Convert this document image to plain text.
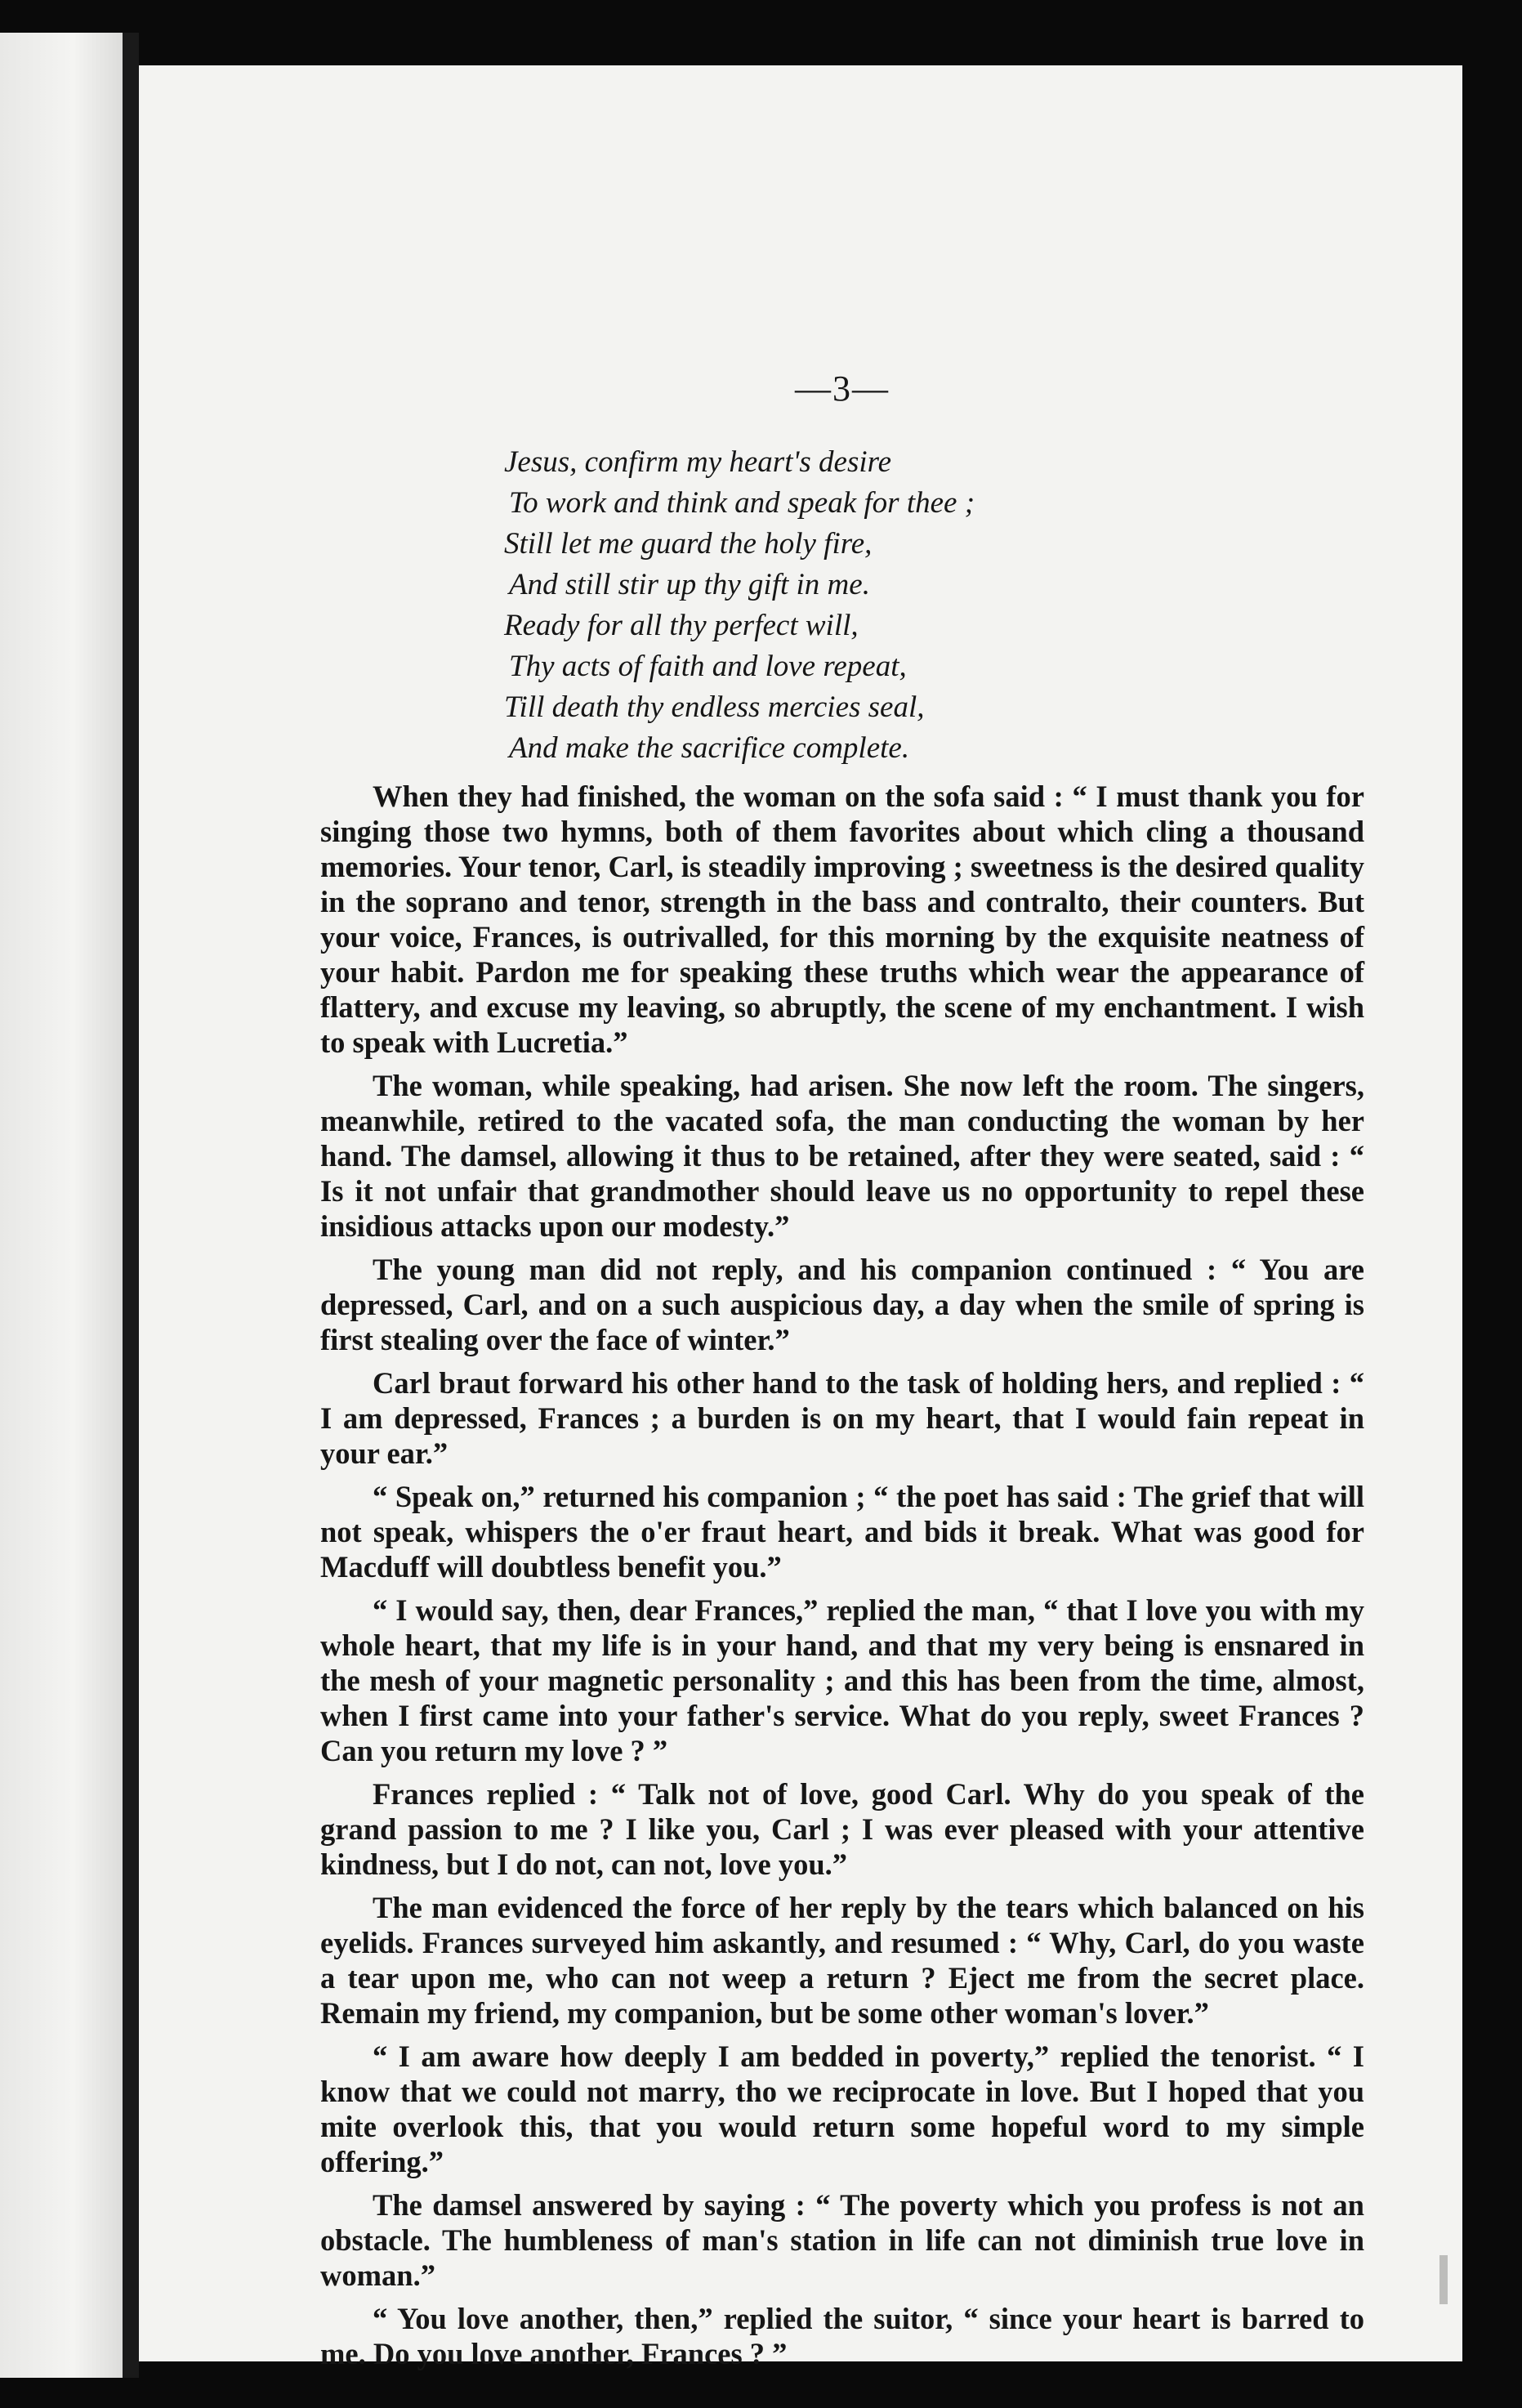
—3—
Jesus, confirm my heart's desire
To work and think and speak for thee ;
Still let me guard the holy fire,
And still stir up thy gift in me.
Ready for all thy perfect will,
Thy acts of faith and love repeat,
Till death thy endless mercies seal,
And make the sacrifice complete.

When they had finished, the woman on the sofa said : “ I must thank you for singing those two hymns, both of them favorites about which cling a thousand memories. Your tenor, Carl, is steadily improving ; sweetness is the desired quality in the soprano and tenor, strength in the bass and contralto, their counters. But your voice, Frances, is outrivalled, for this morning by the exquisite neatness of your habit. Pardon me for speaking these truths which wear the appearance of flattery, and excuse my leaving, so abruptly, the scene of my enchantment. I wish to speak with Lucretia.”

The woman, while speaking, had arisen. She now left the room. The singers, meanwhile, retired to the vacated sofa, the man conducting the woman by her hand. The damsel, allowing it thus to be retained, after they were seated, said : “ Is it not unfair that grandmother should leave us no opportunity to repel these insidious attacks upon our modesty.”

The young man did not reply, and his companion continued : “ You are depressed, Carl, and on a such auspicious day, a day when the smile of spring is first stealing over the face of winter.”

Carl braut forward his other hand to the task of holding hers, and replied : “ I am depressed, Frances ; a burden is on my heart, that I would fain repeat in your ear.”

“ Speak on,” returned his companion ; “ the poet has said : The grief that will not speak, whispers the o'er fraut heart, and bids it break. What was good for Macduff will doubtless benefit you.”

“ I would say, then, dear Frances,” replied the man, “ that I love you with my whole heart, that my life is in your hand, and that my very being is ensnared in the mesh of your magnetic personality ; and this has been from the time, almost, when I first came into your father's service. What do you reply, sweet Frances ? Can you return my love ? ”

Frances replied : “ Talk not of love, good Carl. Why do you speak of the grand passion to me ? I like you, Carl ; I was ever pleased with your attentive kindness, but I do not, can not, love you.”

The man evidenced the force of her reply by the tears which balanced on his eyelids. Frances surveyed him askantly, and resumed : “ Why, Carl, do you waste a tear upon me, who can not weep a return ? Eject me from the secret place. Remain my friend, my companion, but be some other woman's lover.”

“ I am aware how deeply I am bedded in poverty,” replied the tenorist. “ I know that we could not marry, tho we reciprocate in love. But I hoped that you mite overlook this, that you would return some hopeful word to my simple offering.”

The damsel answered by saying : “ The poverty which you profess is not an obstacle. The humbleness of man's station in life can not diminish true love in woman.”

“ You love another, then,” replied the suitor, “ since your heart is barred to me. Do you love another, Frances ? ”
